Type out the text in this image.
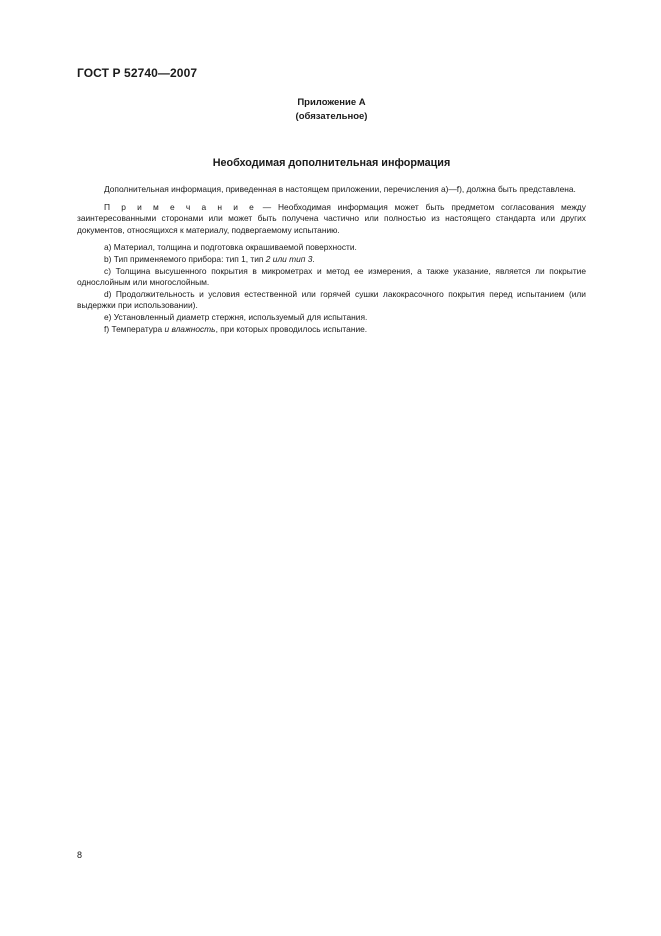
ГОСТ Р 52740—2007
Приложение А
(обязательное)
Необходимая дополнительная информация

Дополнительная информация, приведенная в настоящем приложении, перечисления а)—f), должна быть представлена.

П р и м е ч а н и е — Необходимая информация может быть предметом согласования между заинтересованными сторонами или может быть получена частично или полностью из настоящего стандарта или других документов, относящихся к материалу, подвергаемому испытанию.

а) Материал, толщина и подготовка окрашиваемой поверхности.

b) Тип применяемого прибора: тип 1, тип 2 или тип 3.

с) Толщина высушенного покрытия в микрометрах и метод ее измерения, а также указание, является ли покрытие однослойным или многослойным.

d) Продолжительность и условия естественной или горячей сушки лакокрасочного покрытия перед испытанием (или выдержки при использовании).

е) Установленный диаметр стержня, используемый для испытания.

f) Температура и влажность, при которых проводилось испытание.

8
